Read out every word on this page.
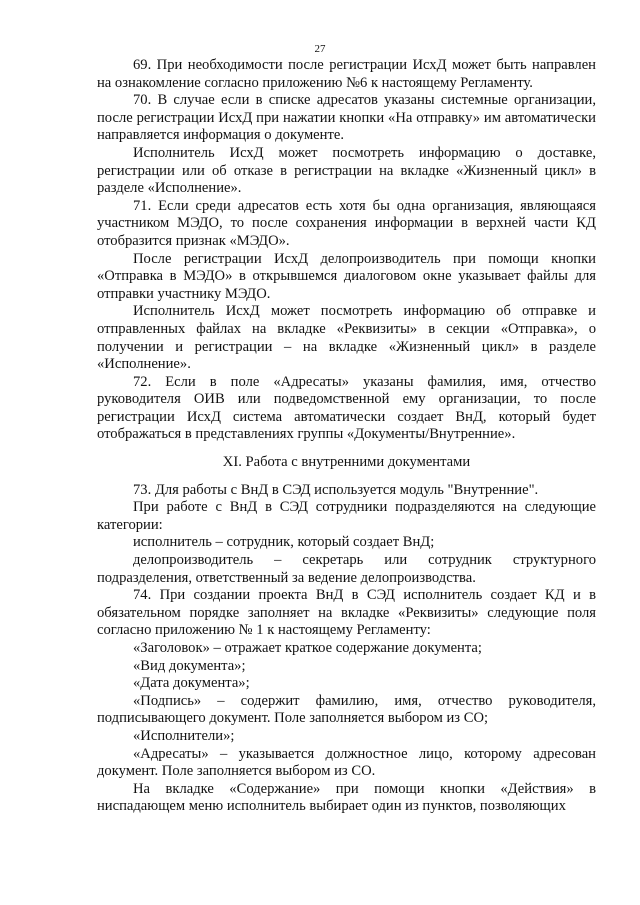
27

69. При необходимости после регистрации ИсхД может быть направлен на ознакомление согласно приложению №6 к настоящему Регламенту.

70. В случае если в списке адресатов указаны системные организации, после регистрации ИсхД при нажатии кнопки «На отправку» им автоматически направляется информация о документе.

Исполнитель ИсхД может посмотреть информацию о доставке, регистрации или об отказе в регистрации на вкладке «Жизненный цикл» в разделе «Исполнение».

71. Если среди адресатов есть хотя бы одна организация, являющаяся участником МЭДО, то после сохранения информации в верхней части КД отобразится признак «МЭДО».

После регистрации ИсхД делопроизводитель при помощи кнопки «Отправка в МЭДО» в открывшемся диалоговом окне указывает файлы для отправки участнику МЭДО.

Исполнитель ИсхД может посмотреть информацию об отправке и отправленных файлах на вкладке «Реквизиты» в секции «Отправка», о получении и регистрации – на вкладке «Жизненный цикл» в разделе «Исполнение».

72. Если в поле «Адресаты» указаны фамилия, имя, отчество руководителя ОИВ или подведомственной ему организации, то после регистрации ИсхД система автоматически создает ВнД, который будет отображаться в представлениях группы «Документы/Внутренние».

XI. Работа с внутренними документами

73. Для работы с ВнД в СЭД используется модуль "Внутренние".

При работе с ВнД в СЭД сотрудники подразделяются на следующие категории:

исполнитель – сотрудник, который создает ВнД;

делопроизводитель – секретарь или сотрудник структурного подразделения, ответственный за ведение делопроизводства.

74. При создании проекта ВнД в СЭД исполнитель создает КД и в обязательном порядке заполняет на вкладке «Реквизиты» следующие поля согласно приложению № 1 к настоящему Регламенту:

«Заголовок» – отражает краткое содержание документа;

«Вид документа»;

«Дата документа»;

«Подпись» – содержит фамилию, имя, отчество руководителя, подписывающего документ. Поле заполняется выбором из СО;

«Исполнители»;

«Адресаты» – указывается должностное лицо, которому адресован документ. Поле заполняется выбором из СО.

На вкладке «Содержание» при помощи кнопки «Действия» в ниспадающем меню исполнитель выбирает один из пунктов, позволяющих
